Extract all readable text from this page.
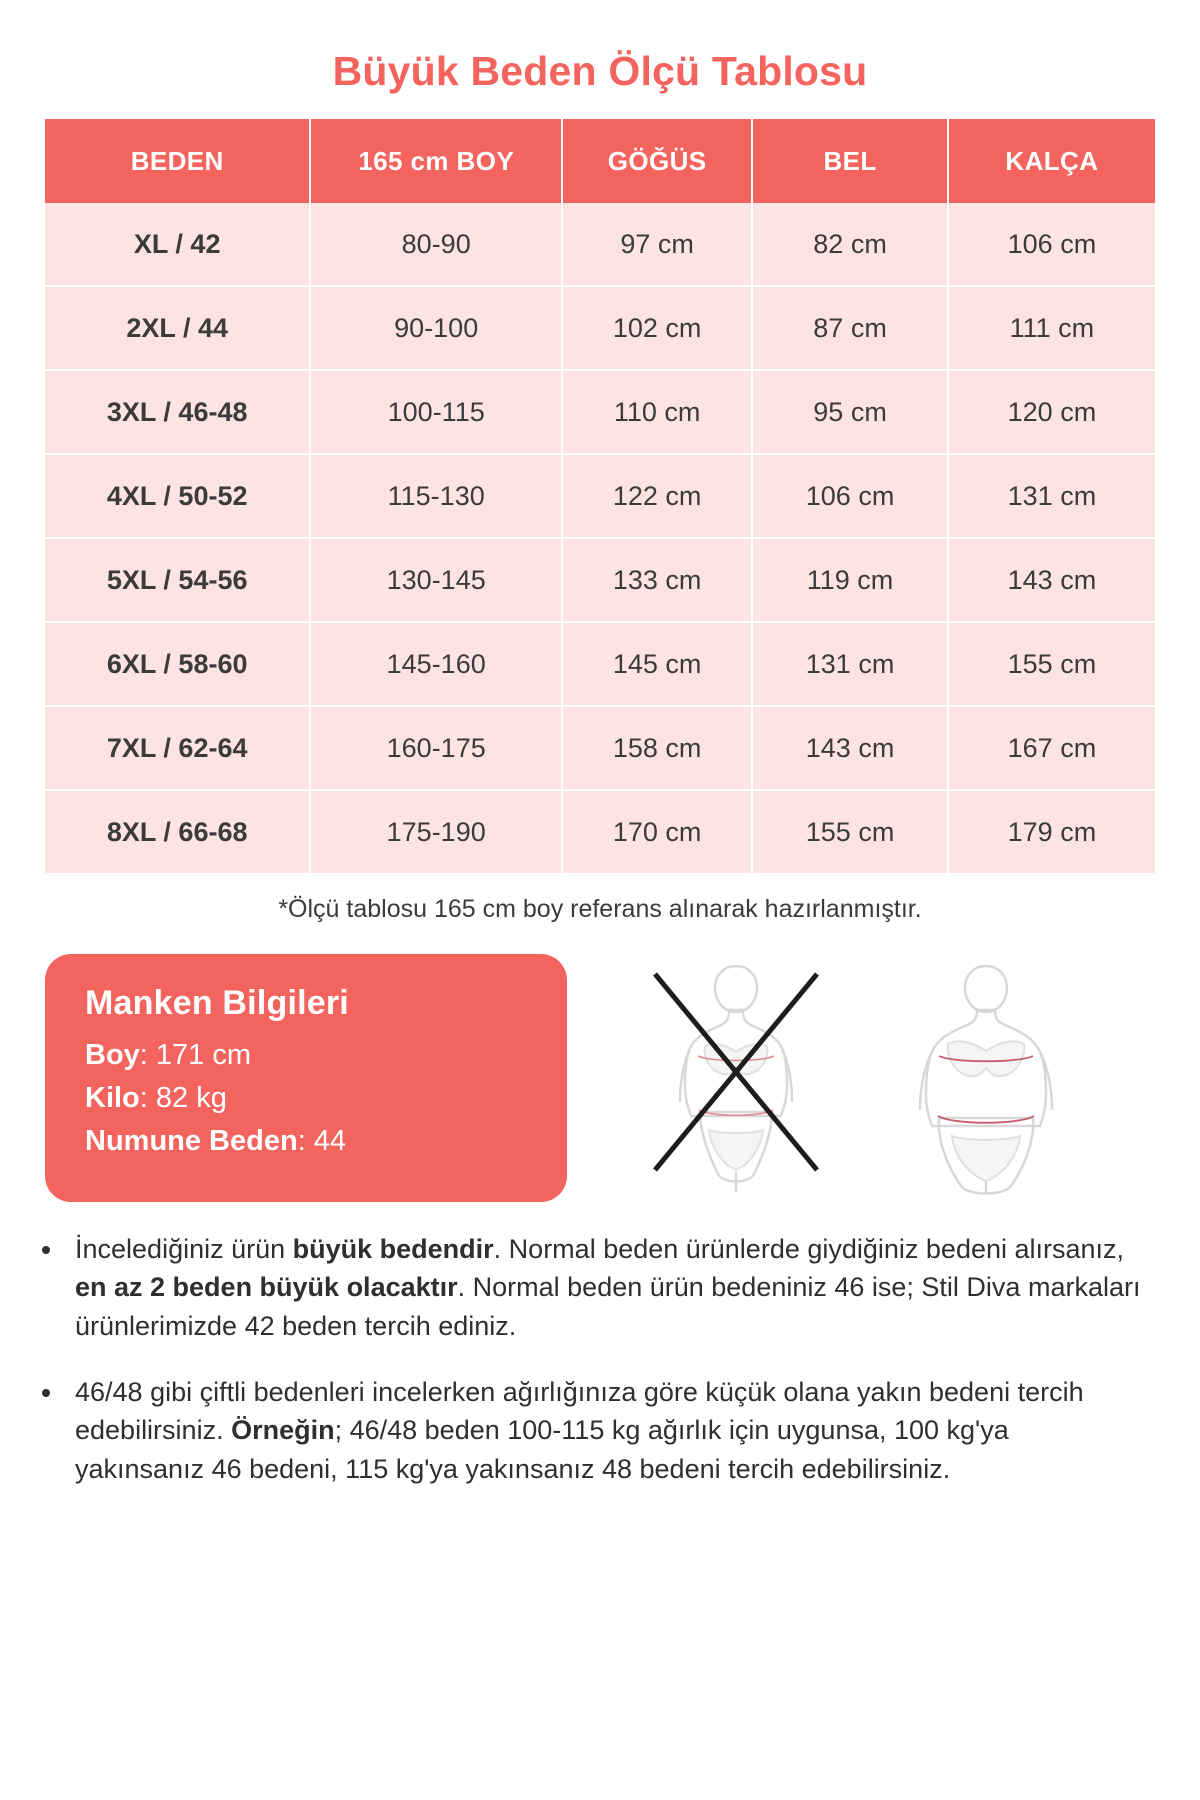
Büyük Beden Ölçü Tablosu
BEDEN	165 cm BOY	GÖĞÜS	BEL	KALÇA
XL / 42	80-90	97 cm	82 cm	106 cm
2XL / 44	90-100	102 cm	87 cm	111 cm
3XL / 46-48	100-115	110 cm	95 cm	120 cm
4XL / 50-52	115-130	122 cm	106 cm	131 cm
5XL / 54-56	130-145	133 cm	119 cm	143 cm
6XL / 58-60	145-160	145 cm	131 cm	155 cm
7XL / 62-64	160-175	158 cm	143 cm	167 cm
8XL / 66-68	175-190	170 cm	155 cm	179 cm

*Ölçü tablosu 165 cm boy referans alınarak hazırlanmıştır.

Manken Bilgileri
Boy: 171 cm
Kilo: 82 kg
Numune Beden: 44
• İncelediğiniz ürün büyük bedendir. Normal beden ürünlerde giydiğiniz bedeni alırsanız, en az 2 beden büyük olacaktır. Normal beden ürün bedeniniz 46 ise; Stil Diva markaları ürünlerimizde 42 beden tercih ediniz.
• 46/48 gibi çiftli bedenleri incelerken ağırlığınıza göre küçük olana yakın bedeni tercih edebilirsiniz. Örneğin; 46/48 beden 100-115 kg ağırlık için uygunsa, 100 kg'ya yakınsanız 46 bedeni, 115 kg'ya yakınsanız 48 bedeni tercih edebilirsiniz.
